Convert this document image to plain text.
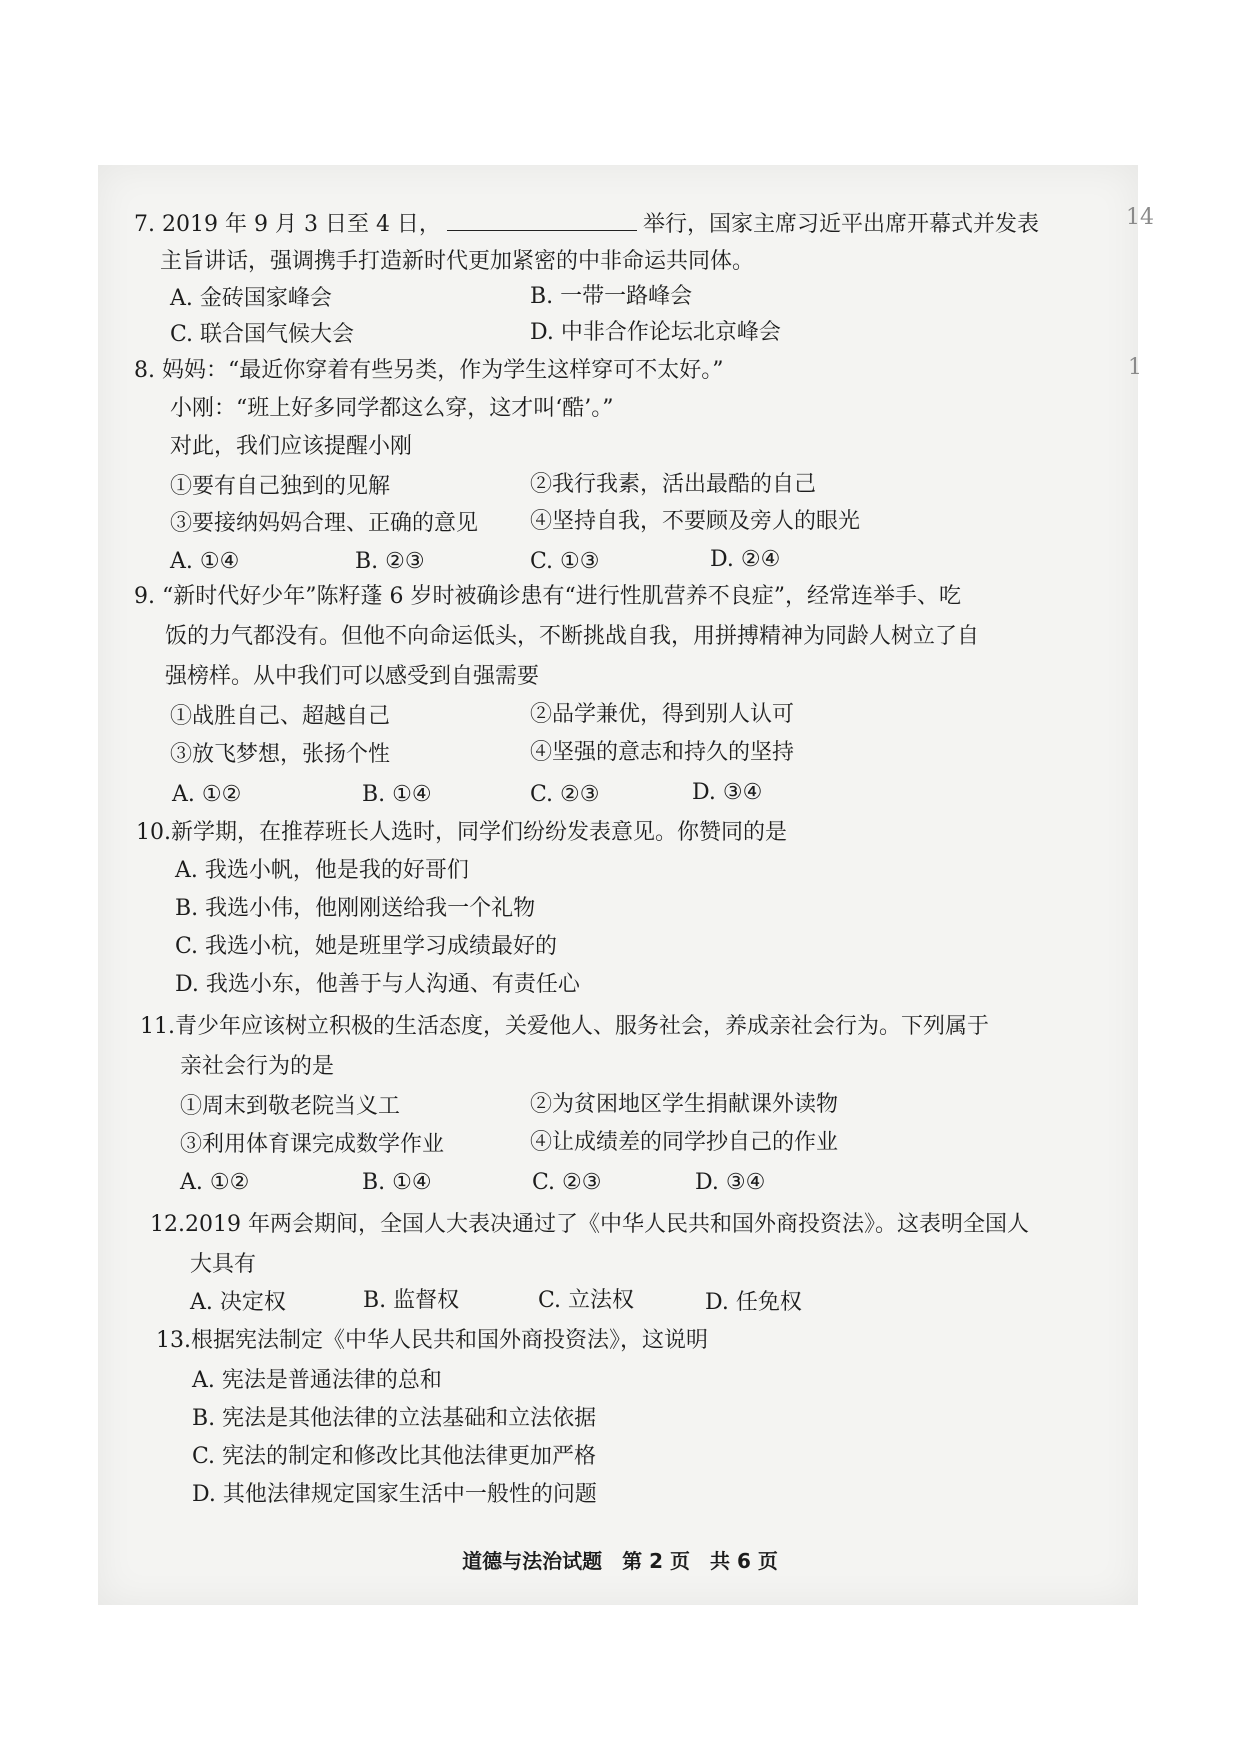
14
1
7. 2019 年 9 月 3 日至 4 日，	举行，国家主席习近平出席开幕式并发表
主旨讲话，强调携手打造新时代更加紧密的中非命运共同体。
A. 金砖国家峰会	B. 一带一路峰会
C. 联合国气候大会	D. 中非合作论坛北京峰会
8. 妈妈：“最近你穿着有些另类，作为学生这样穿可不太好。”
小刚：“班上好多同学都这么穿，这才叫‘酷’。”
对此，我们应该提醒小刚
①要有自己独到的见解	②我行我素，活出最酷的自己
③要接纳妈妈合理、正确的意见 ④坚持自我，不要顾及旁人的眼光
A. ①④	B. ②③	C. ①③	D. ②④
9. “新时代好少年”陈籽蓬 6 岁时被确诊患有“进行性肌营养不良症”，经常连举手、吃
饭的力气都没有。但他不向命运低头，不断挑战自我，用拼搏精神为同龄人树立了自
强榜样。从中我们可以感受到自强需要
①战胜自己、超越自己	②品学兼优，得到别人认可
③放飞梦想，张扬个性	④坚强的意志和持久的坚持
A. ①②	B. ①④	C. ②③	D. ③④
10.新学期，在推荐班长人选时，同学们纷纷发表意见。你赞同的是
A. 我选小帆，他是我的好哥们
B. 我选小伟，他刚刚送给我一个礼物
C. 我选小杭，她是班里学习成绩最好的
D. 我选小东，他善于与人沟通、有责任心
11.青少年应该树立积极的生活态度，关爱他人、服务社会，养成亲社会行为。下列属于
亲社会行为的是
①周末到敬老院当义工	②为贫困地区学生捐献课外读物
③利用体育课完成数学作业	④让成绩差的同学抄自己的作业
A. ①②	B. ①④	C. ②③	D. ③④
12.2019 年两会期间，全国人大表决通过了《中华人民共和国外商投资法》。这表明全国人
大具有
A. 决定权	B. 监督权	C. 立法权	D. 任免权
13.根据宪法制定《中华人民共和国外商投资法》，这说明
A. 宪法是普通法律的总和
B. 宪法是其他法律的立法基础和立法依据
C. 宪法的制定和修改比其他法律更加严格
D. 其他法律规定国家生活中一般性的问题
道德与法治试题　第 2 页　共 6 页
